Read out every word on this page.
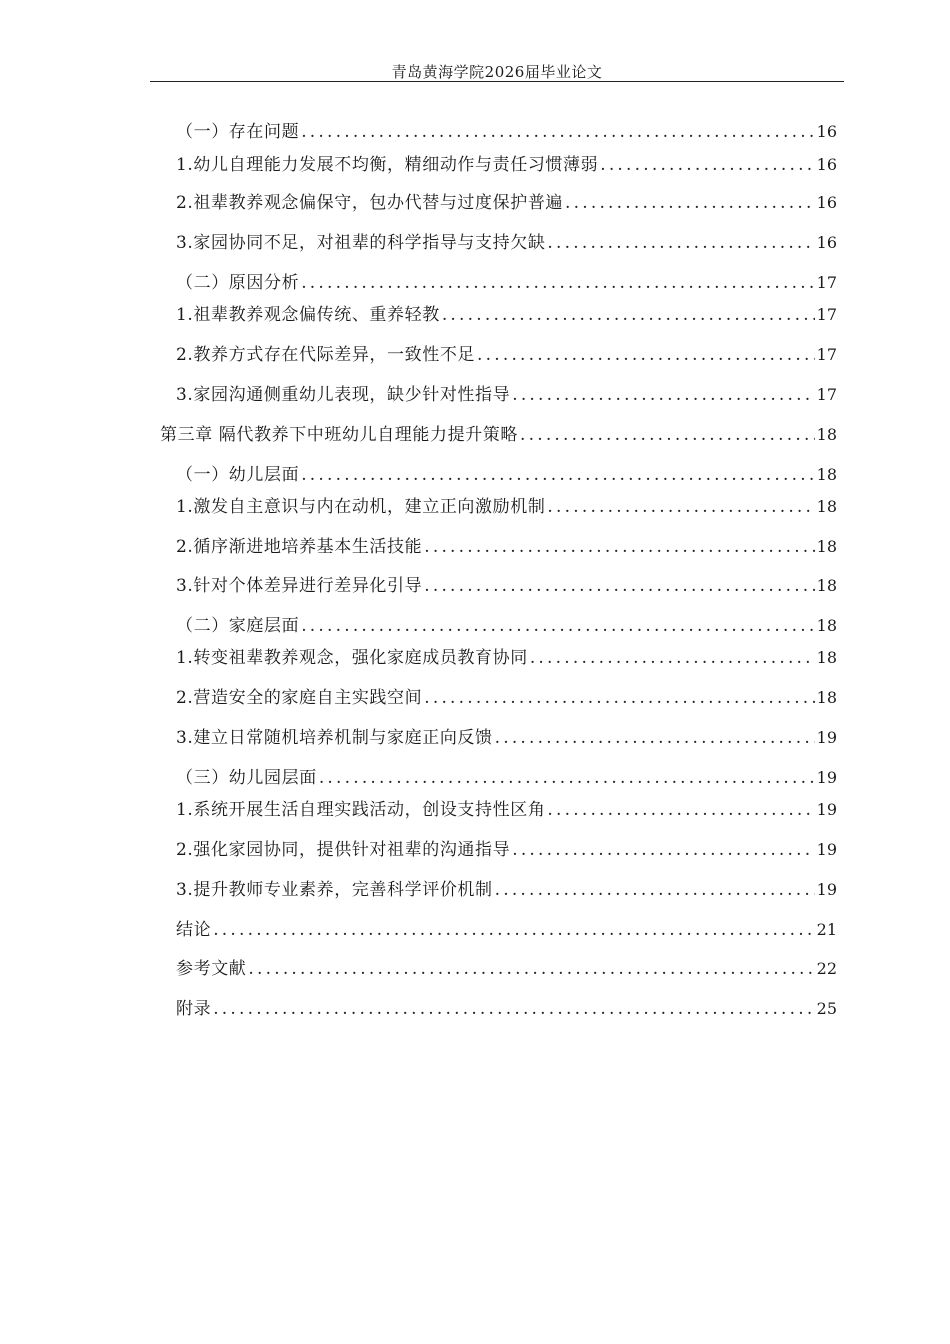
青岛黄海学院2026届毕业论文
（一）存在问题 .....	16
1.幼儿自理能力发展不均衡，精细动作与责任习惯薄弱 .....	16
2.祖辈教养观念偏保守，包办代替与过度保护普遍 .....	16
3.家园协同不足，对祖辈的科学指导与支持欠缺 .....	16
（二）原因分析 .....	17
1.祖辈教养观念偏传统、重养轻教 .....	17
2.教养方式存在代际差异，一致性不足 .....	17
3.家园沟通侧重幼儿表现，缺少针对性指导 .....	17
第三章 隔代教养下中班幼儿自理能力提升策略 .....	18
（一）幼儿层面 .....	18
1.激发自主意识与内在动机，建立正向激励机制 .....	18
2.循序渐进地培养基本生活技能 .....	18
3.针对个体差异进行差异化引导 .....	18
（二）家庭层面 .....	18
1.转变祖辈教养观念，强化家庭成员教育协同 .....	18
2.营造安全的家庭自主实践空间 .....	18
3.建立日常随机培养机制与家庭正向反馈 .....	19
（三）幼儿园层面 .....	19
1.系统开展生活自理实践活动，创设支持性区角 .....	19
2.强化家园协同，提供针对祖辈的沟通指导 .....	19
3.提升教师专业素养，完善科学评价机制 .....	19
结论 .....	21
参考文献 .....	22
附录 .....	25
